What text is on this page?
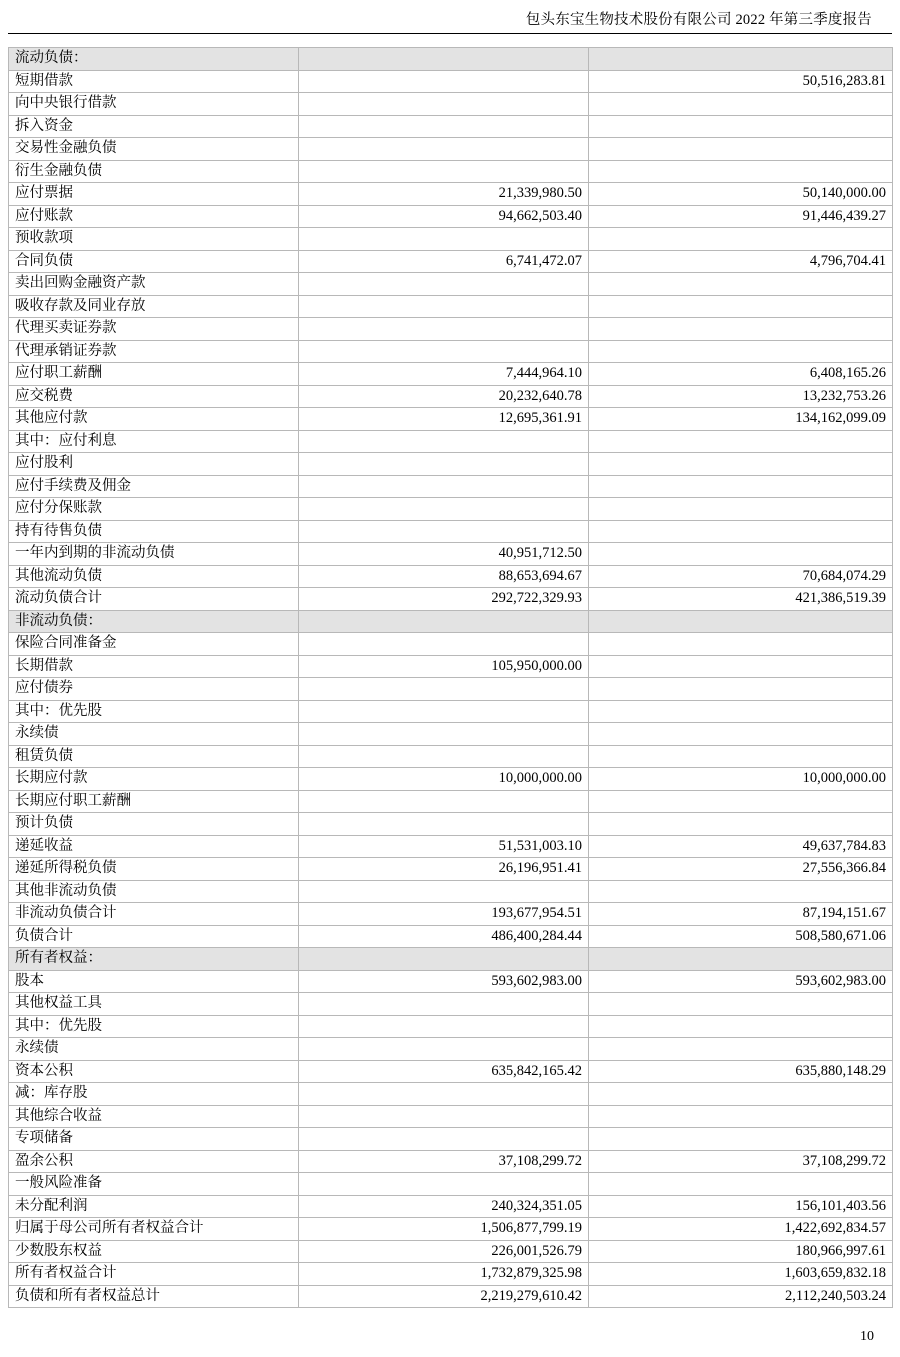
包头东宝生物技术股份有限公司 2022 年第三季度报告
流动负债：		
短期借款		50,516,283.81
向中央银行借款		
拆入资金		
交易性金融负债		
衍生金融负债		
应付票据	21,339,980.50	50,140,000.00
应付账款	94,662,503.40	91,446,439.27
预收款项		
合同负债	6,741,472.07	4,796,704.41
卖出回购金融资产款		
吸收存款及同业存放		
代理买卖证券款		
代理承销证券款		
应付职工薪酬	7,444,964.10	6,408,165.26
应交税费	20,232,640.78	13,232,753.26
其他应付款	12,695,361.91	134,162,099.09
其中：应付利息		
应付股利		
应付手续费及佣金		
应付分保账款		
持有待售负债		
一年内到期的非流动负债	40,951,712.50	
其他流动负债	88,653,694.67	70,684,074.29
流动负债合计	292,722,329.93	421,386,519.39
非流动负债：		
保险合同准备金		
长期借款	105,950,000.00	
应付债券		
其中：优先股		
永续债		
租赁负债		
长期应付款	10,000,000.00	10,000,000.00
长期应付职工薪酬		
预计负债		
递延收益	51,531,003.10	49,637,784.83
递延所得税负债	26,196,951.41	27,556,366.84
其他非流动负债		
非流动负债合计	193,677,954.51	87,194,151.67
负债合计	486,400,284.44	508,580,671.06
所有者权益：		
股本	593,602,983.00	593,602,983.00
其他权益工具		
其中：优先股		
永续债		
资本公积	635,842,165.42	635,880,148.29
减：库存股		
其他综合收益		
专项储备		
盈余公积	37,108,299.72	37,108,299.72
一般风险准备		
未分配利润	240,324,351.05	156,101,403.56
归属于母公司所有者权益合计	1,506,877,799.19	1,422,692,834.57
少数股东权益	226,001,526.79	180,966,997.61
所有者权益合计	1,732,879,325.98	1,603,659,832.18
负债和所有者权益总计	2,219,279,610.42	2,112,240,503.24
10
